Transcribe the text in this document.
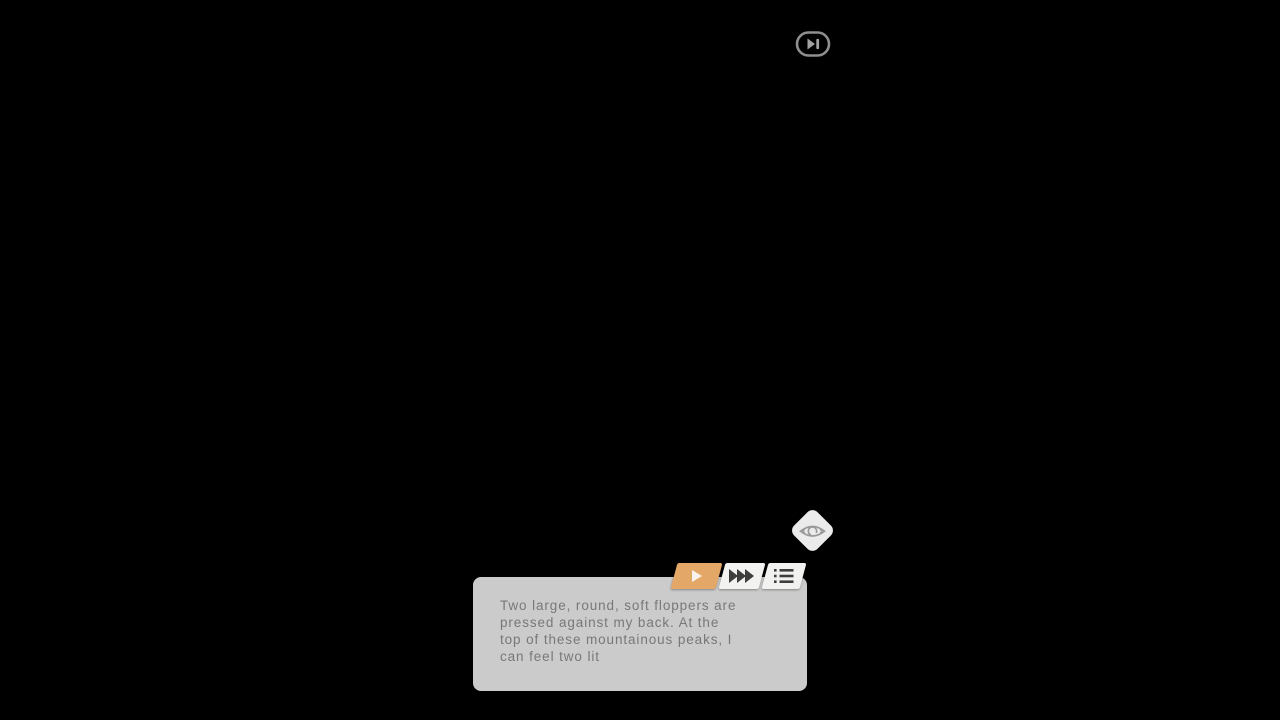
Two large, round, soft floppers are
pressed against my back. At the
top of these mountainous peaks, I
can feel two lit
